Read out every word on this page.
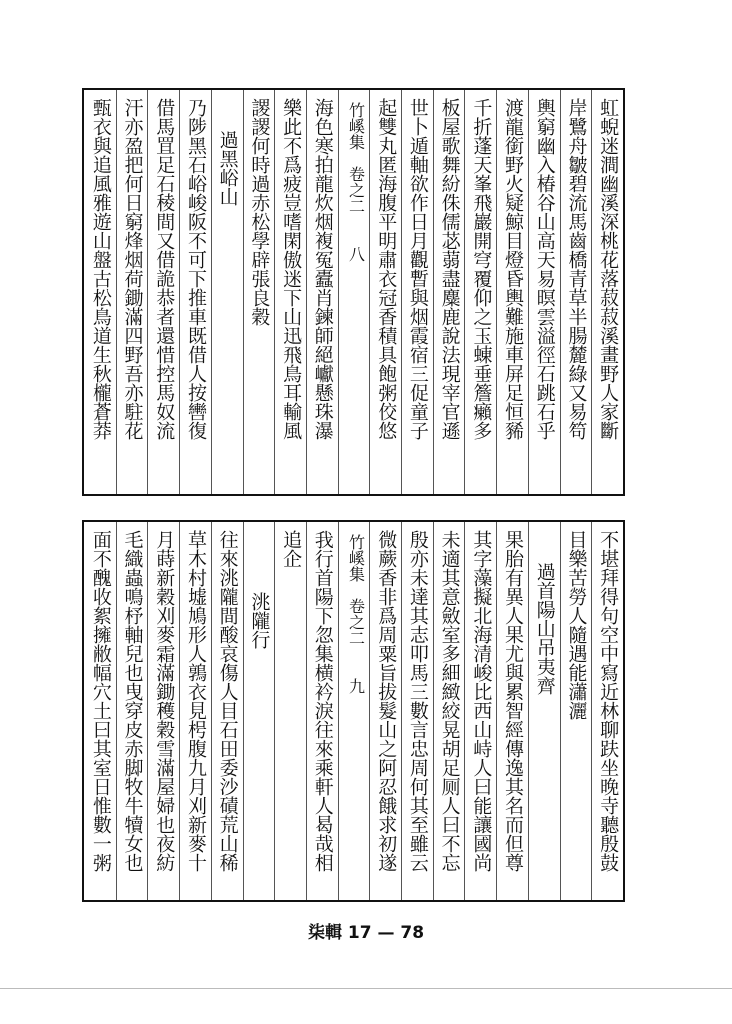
虹蜺迷澗幽溪深桃花落菽菽溪畫野人家斷
岸鷺舟皺碧流馬齒橋青草半腸麓綠又易笱
輿窮幽入椿谷山高天易暝雲溢徑石跳石乎
渡龍銜野火疑鯨目燈昏輿難施車屏足恒豨
千折蓬天峯飛巖開穹覆仰之玉蝀垂簷癩多
板屋歌舞紛侏儒苾蒻盡麋鹿說法現宰官遜
世卜遁軸欲作日月觀暫與烟霞宿三促童子
起雙丸匿海腹平明肅衣冠香積具飽粥佼悠
竹嵠集　卷之二　　八
海色寒拍龍炊烟複冤蠹肖鍊師絕巘懸珠瀑
樂此不爲疲豈嗜閑傲迷下山迅飛鳥耳輸風
謖謖何時過赤松學辟張良穀
過黑峪山
乃陟黑石峪峻阪不可下推車既借人按轡復
借馬罝足石稜間又借詭恭者還惜控馬奴流
汗亦盈把何日窮烽烟荷鋤滿四野吾亦駐花
甄衣與追風雅遊山盤古松鳥道生秋櫳蒼莽
不堪拜得句空中寫近林聊趺坐晚寺聽殷鼓
目樂苦勞人隨遇能瀟灑
過首陽山吊夷齊
果胎有異人果尤與累智經傳逸其名而但尊
其字藻擬北海清峻比西山峙人曰能讓國尚
未適其意斂室多細緻絞晃胡足厕人曰不忘
殷亦未達其志叩馬三數言忠周何其至雖云
微蕨香非爲周粟旨拔髮山之阿忍餓求初遂
竹嵠集　卷之二　　九
我行首陽下忽集横衿淚往來乘軒人曷哉相
追企
洮隴行
往來洮隴間酸哀傷人目石田委沙磧荒山稀
草木村墟鳩形人鶉衣見枵腹九月刈新麥十
月蒔新穀刈麥霜滿鋤穫穀雪滿屋婦也夜紡
毛織蟲鳴杼軸兒也曳穿皮赤脚牧牛犢女也
面不醜收絮擁敝幅穴土曰其室日惟數一粥
柒輯 17 — 78
